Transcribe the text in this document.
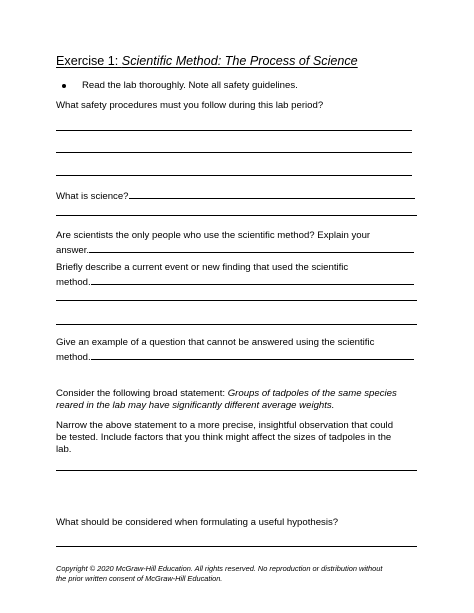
Exercise 1: Scientific Method: The Process of Science
Read the lab thoroughly. Note all safety guidelines.
What safety procedures must you follow during this lab period?
What is science?
Are scientists the only people who use the scientific method? Explain your
answer.
Briefly describe a current event or new finding that used the scientific
method.
Give an example of a question that cannot be answered using the scientific
method.
Consider the following broad statement: Groups of tadpoles of the same species
reared in the lab may have significantly different average weights.
Narrow the above statement to a more precise, insightful observation that could
be tested. Include factors that you think might affect the sizes of tadpoles in the
lab.
What should be considered when formulating a useful hypothesis?
Copyright © 2020 McGraw-Hill Education. All rights reserved. No reproduction or distribution without
the prior written consent of McGraw-Hill Education.
